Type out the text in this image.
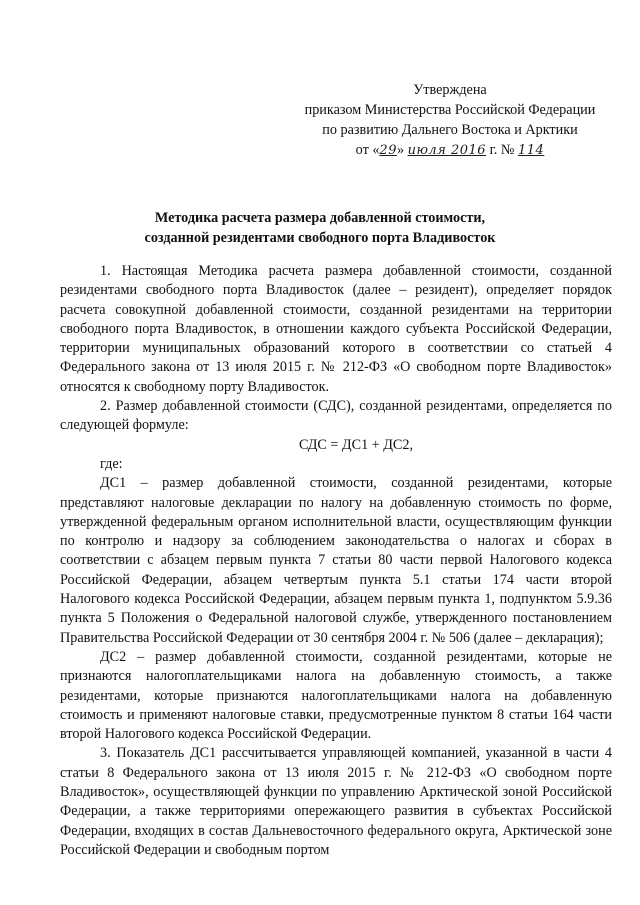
Утверждена
приказом Министерства Российской Федерации
по развитию Дальнего Востока и Арктики
от «29» июля 2016 г. № 114
Методика расчета размера добавленной стоимости,
созданной резидентами свободного порта Владивосток

1. Настоящая Методика расчета размера добавленной стоимости, созданной резидентами свободного порта Владивосток (далее – резидент), определяет порядок расчета совокупной добавленной стоимости, созданной резидентами на территории свободного порта Владивосток, в отношении каждого субъекта Российской Федерации, территории муниципальных образований которого в соответствии со статьей 4 Федерального закона от 13 июля 2015 г. № 212-ФЗ «О свободном порте Владивосток» относятся к свободному порту Владивосток.

2. Размер добавленной стоимости (СДС), созданной резидентами, определяется по следующей формуле:

СДС = ДС1 + ДС2,

где:

ДС1 – размер добавленной стоимости, созданной резидентами, которые представляют налоговые декларации по налогу на добавленную стоимость по форме, утвержденной федеральным органом исполнительной власти, осуществляющим функции по контролю и надзору за соблюдением законодательства о налогах и сборах в соответствии с абзацем первым пункта 7 статьи 80 части первой Налогового кодекса Российской Федерации, абзацем четвертым пункта 5.1 статьи 174 части второй Налогового кодекса Российской Федерации, абзацем первым пункта 1, подпунктом 5.9.36 пункта 5 Положения о Федеральной налоговой службе, утвержденного постановлением Правительства Российской Федерации от 30 сентября 2004 г. № 506 (далее – декларация);

ДС2 – размер добавленной стоимости, созданной резидентами, которые не признаются налогоплательщиками налога на добавленную стоимость, а также резидентами, которые признаются налогоплательщиками налога на добавленную стоимость и применяют налоговые ставки, предусмотренные пунктом 8 статьи 164 части второй Налогового кодекса Российской Федерации.

3. Показатель ДС1 рассчитывается управляющей компанией, указанной в части 4 статьи 8 Федерального закона от 13 июля 2015 г. № 212-ФЗ «О свободном порте Владивосток», осуществляющей функции по управлению Арктической зоной Российской Федерации, а также территориями опережающего развития в субъектах Российской Федерации, входящих в состав Дальневосточного федерального округа, Арктической зоне Российской Федерации и свободным портом
